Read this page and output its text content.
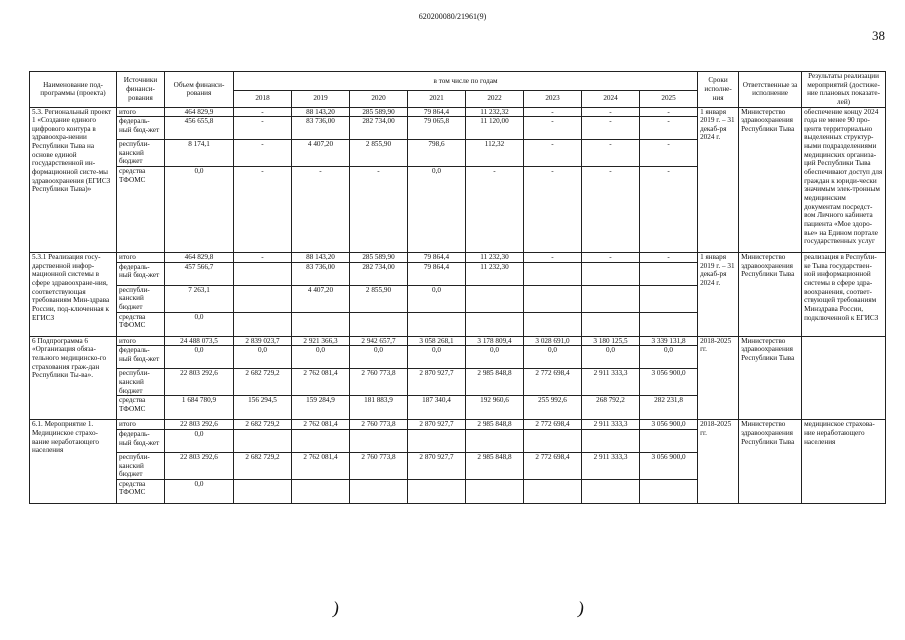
620200080/21961(9)
38
Наименование под-программы (проекта)	Источники финанси-рования	Объем финанси-рования	в том числе по годам								Сроки исполне-ния	Ответственные за исполнение	Результаты реализации мероприятий (достиже-ние плановых показате-лей)
			2018	2019	2020	2021	2022	2023	2024	2025			
5.3. Региональный проект 1 «Создание единого цифрового контура в здравоохра-нении Республики Тыва на основе единой государственной ин-формационной систе-мы здравоохранения (ЕГИСЗ Республики Тыва)»	итого	464 829,9	-	88 143,20	285 589,90	79 864,4	11 232,32	-	-	-	1 января 2019 г. – 31 декаб-ря 2024 г.	Министерство здравоохранения Республики Тыва	обеспечение концу 2024 года не менее 90 про-центв территориально выделенных структур-ными подразделениями медицинских организа-ций Республики Тыва обеспечивают доступ для граждан к юриди-чески значимым элек-тронным медицинским документам посредст-вом Личного кабинета пациента «Мое здоро-вье» на Едином портале государственных услуг
	федераль-ный бюд-жет	456 655,8	-	83 736,00	282 734,00	79 065,8	11 120,00	-	-	-			
	республи-канский бюджет	8 174,1	-	4 407,20	2 855,90	798,6	112,32	-	-	-			
	средства ТФОМС	0,0	-	-	-	0,0	-	-	-	-			
5.3.1 Реализация госу-дарственной инфор-мационной системы в сфере здравоохране-ния, соответствующая требованиям Мин-здрава России, под-ключенная к ЕГИСЗ	итого	464 829,8	-	88 143,20	285 589,90	79 864,4	11 232,30	-	-	-	1 января 2019 г. – 31 декаб-ря 2024 г.	Министерство здравоохранения Республики Тыва	реализация в Республи-ке Тыва государствен-ной информационной системы в сфере здра-воохранения, соответ-ствующей требованиям Минздрава России, подключенной к ЕГИСЗ
	федераль-ный бюд-жет	457 566,7		83 736,00	282 734,00	79 864,4	11 232,30						
	республи-канский бюджет	7 263,1		4 407,20	2 855,90	0,0							
	средства ТФОМС	0,0											
6 Подпрограмма 6 «Организация обяза-тельного медицинско-го страхования граж-дан Республики Ты-ва».	итого	24 488 073,5	2 839 023,7	2 921 366,3	2 942 657,7	3 058 268,1	3 178 809,4	3 028 691,0	3 180 125,5	3 339 131,8	2018-2025 гг.	Министерство здравоохранения Республики Тыва	
	федераль-ный бюд-жет	0,0	0,0	0,0	0,0	0,0	0,0	0,0	0,0	0,0			
	республи-канский бюджет	22 803 292,6	2 682 729,2	2 762 081,4	2 760 773,8	2 870 927,7	2 985 848,8	2 772 698,4	2 911 333,3	3 056 900,0			
	средства ТФОМС	1 684 780,9	156 294,5	159 284,9	181 883,9	187 340,4	192 960,6	255 992,6	268 792,2	282 231,8			
6.1. Мероприятие 1. Медицинское страхо-вание неработающего населения	итого	22 803 292,6	2 682 729,2	2 762 081,4	2 760 773,8	2 870 927,7	2 985 848,8	2 772 698,4	2 911 333,3	3 056 900,0	2018-2025 гг.	Министерство здравоохранения Республики Тыва	медицинское страхова-ние неработающего населения
	федераль-ный бюд-жет	0,0											
	республи-канский бюджет	22 803 292,6	2 682 729,2	2 762 081,4	2 760 773,8	2 870 927,7	2 985 848,8	2 772 698,4	2 911 333,3	3 056 900,0			
	средства ТФОМС	0,0											
)	)
